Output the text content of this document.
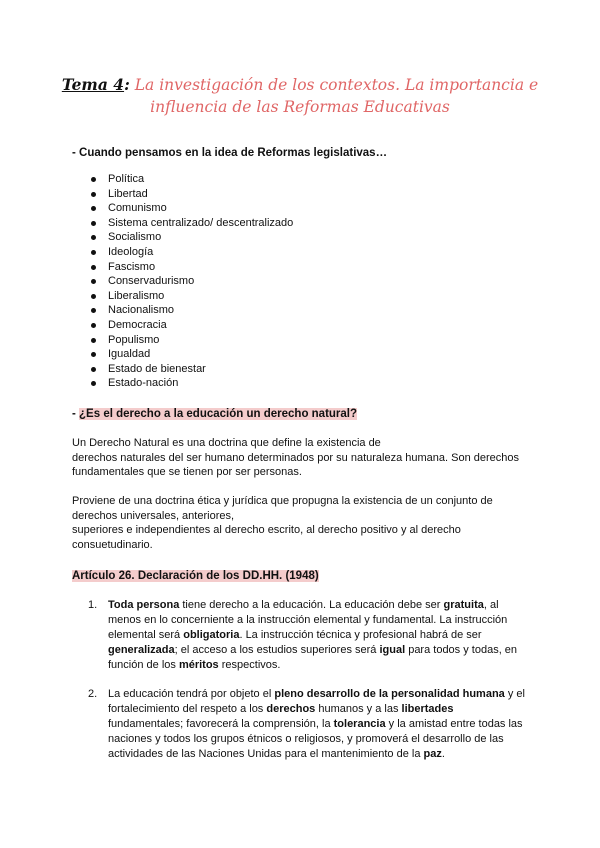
Tema 4: La investigación de los contextos. La importancia e influencia de las Reformas Educativas
- Cuando pensamos en la idea de Reformas legislativas…
Política
Libertad
Comunismo
Sistema centralizado/ descentralizado
Socialismo
Ideología
Fascismo
Conservadurismo
Liberalismo
Nacionalismo
Democracia
Populismo
Igualdad
Estado de bienestar
Estado-nación
- ¿Es el derecho a la educación un derecho natural?
Un Derecho Natural es una doctrina que define la existencia de
derechos naturales del ser humano determinados por su naturaleza humana. Son derechos
fundamentales que se tienen por ser personas.
Proviene de una doctrina ética y jurídica que propugna la existencia de un conjunto de
derechos universales, anteriores,
superiores e independientes al derecho escrito, al derecho positivo y al derecho
consuetudinario.
Artículo 26. Declaración de los DD.HH. (1948)
1. Toda persona tiene derecho a la educación. La educación debe ser gratuita, al menos en lo concerniente a la instrucción elemental y fundamental. La instrucción elemental será obligatoria. La instrucción técnica y profesional habrá de ser generalizada; el acceso a los estudios superiores será igual para todos y todas, en función de los méritos respectivos.
2. La educación tendrá por objeto el pleno desarrollo de la personalidad humana y el fortalecimiento del respeto a los derechos humanos y a las libertades fundamentales; favorecerá la comprensión, la tolerancia y la amistad entre todas las naciones y todos los grupos étnicos o religiosos, y promoverá el desarrollo de las actividades de las Naciones Unidas para el mantenimiento de la paz.
